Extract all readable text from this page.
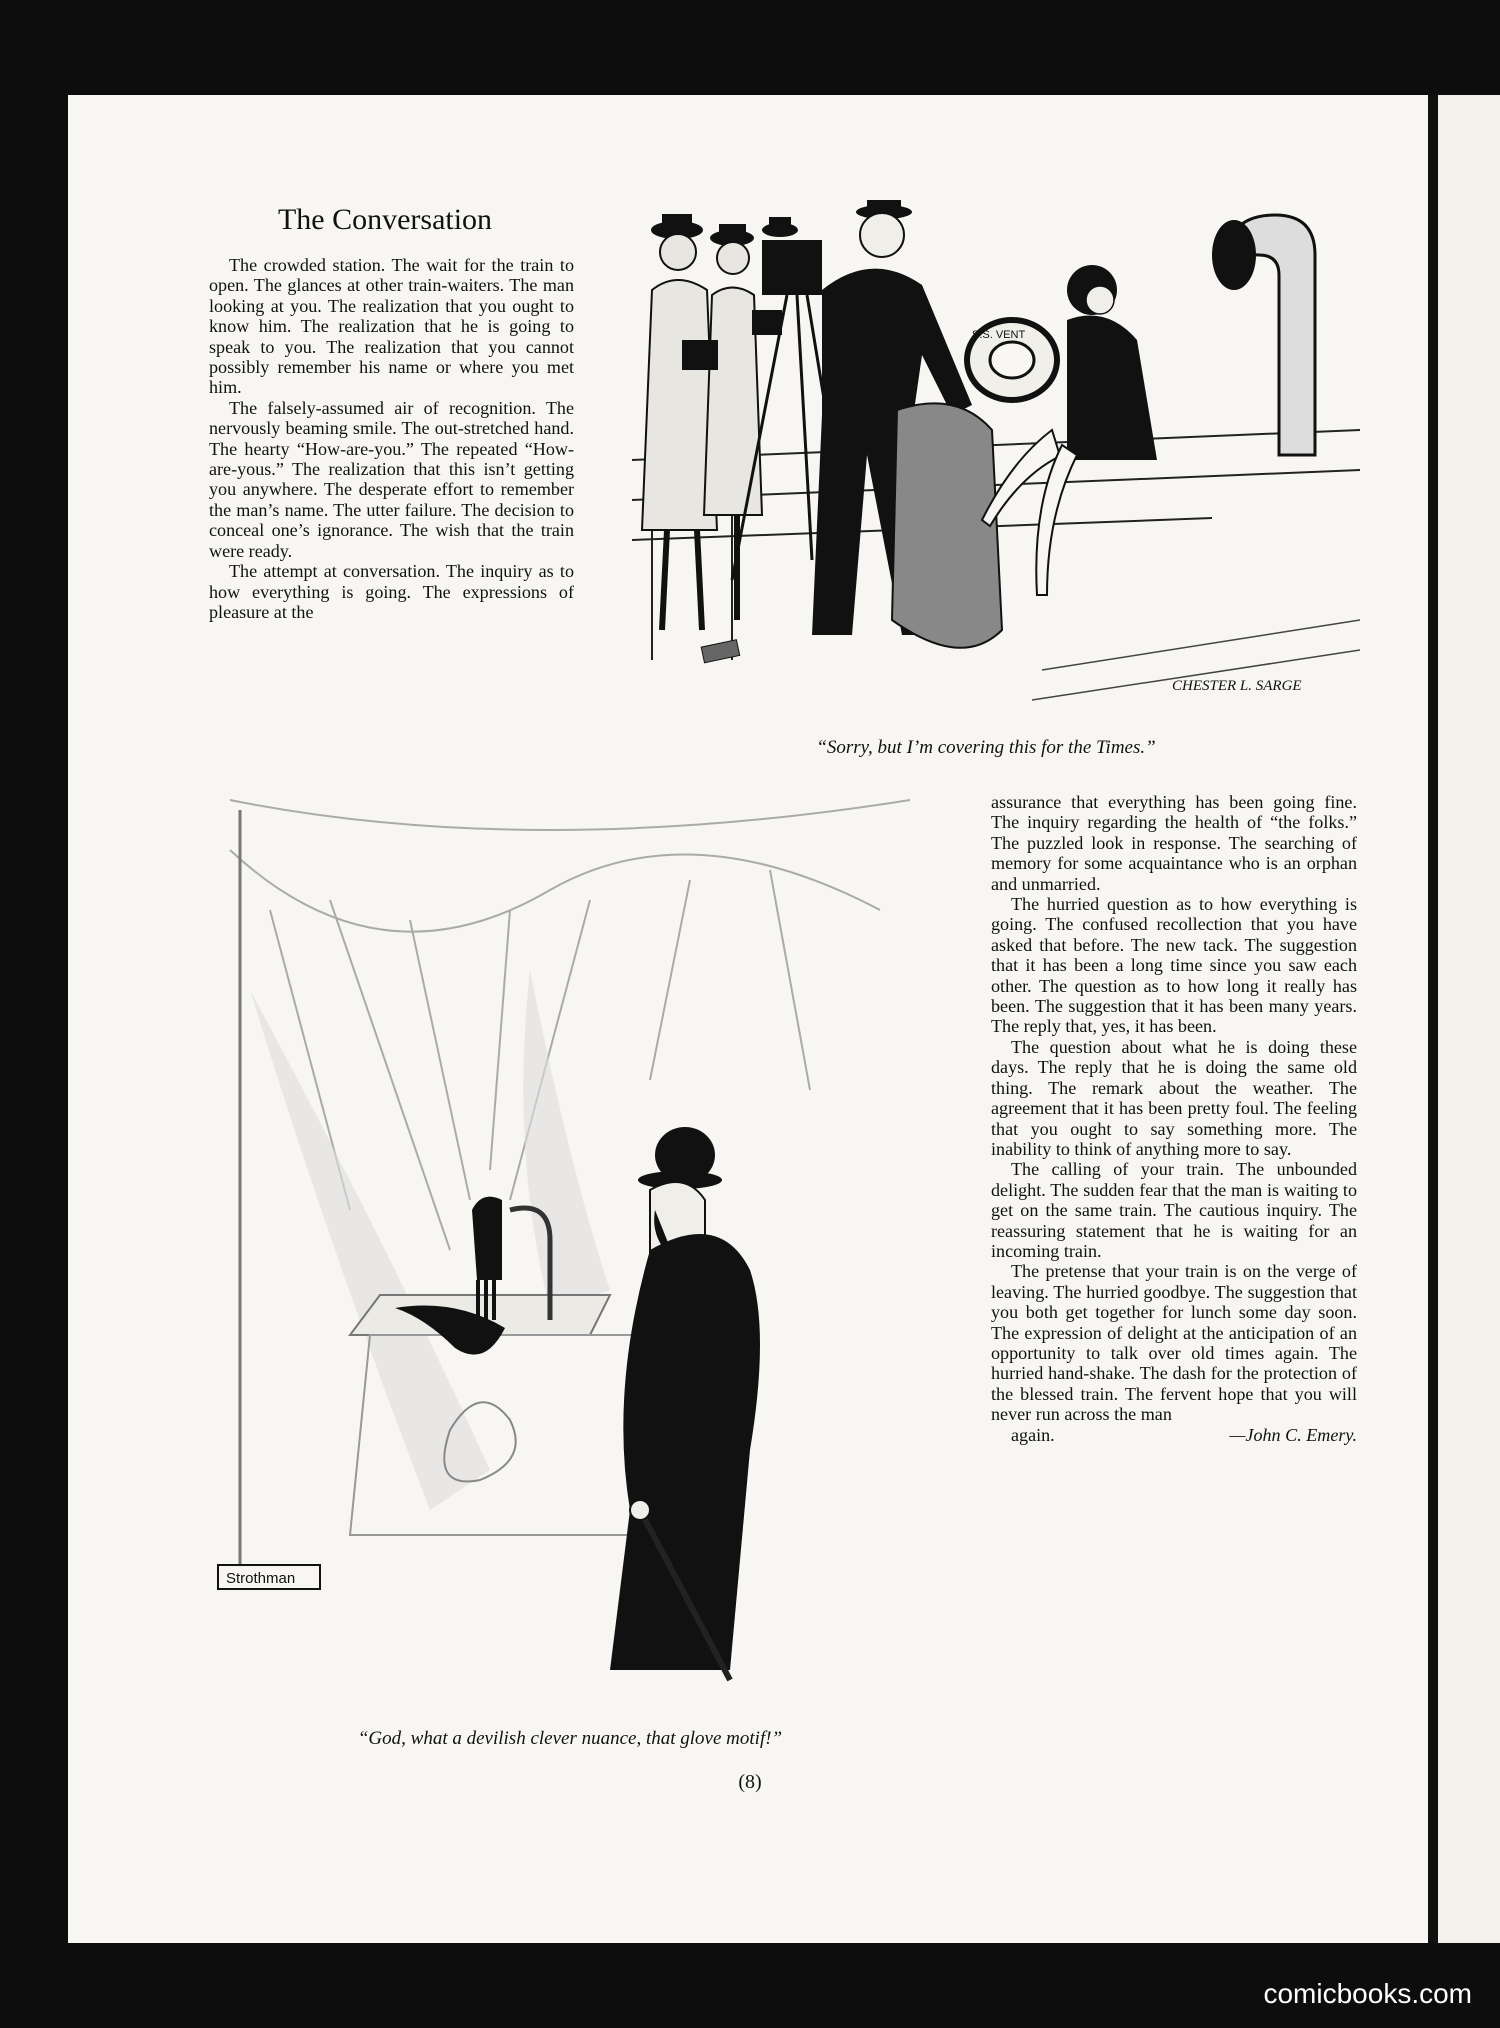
The Conversation

The crowded station. The wait for the train to open. The glances at other train-waiters. The man looking at you. The realization that you ought to know him. The realization that he is going to speak to you. The realization that you cannot possibly remember his name or where you met him.

The falsely-assumed air of recognition. The nervously beaming smile. The out-stretched hand. The hearty “How-are-you.” The repeated “How-are-yous.” The realization that this isn’t getting you anywhere. The desperate effort to remember the man’s name. The utter failure. The decision to conceal one’s ignorance. The wish that the train were ready.

The attempt at conversation. The inquiry as to how everything is going. The expressions of pleasure at the

S.S. VENT
CHESTER L. SARGE
“Sorry, but I’m covering this for the Times.”
Strothman
“God, what a devilish clever nuance, that glove motif!”

assurance that everything has been going fine. The inquiry regarding the health of “the folks.” The puzzled look in response. The searching of memory for some acquaintance who is an orphan and unmarried.

The hurried question as to how everything is going. The confused recollection that you have asked that before. The new tack. The suggestion that it has been a long time since you saw each other. The question as to how long it really has been. The suggestion that it has been many years. The reply that, yes, it has been.

The question about what he is doing these days. The reply that he is doing the same old thing. The remark about the weather. The agreement that it has been pretty foul. The feeling that you ought to say something more. The inability to think of anything more to say.

The calling of your train. The unbounded delight. The sudden fear that the man is waiting to get on the same train. The cautious inquiry. The reassuring statement that he is waiting for an incoming train.

The pretense that your train is on the verge of leaving. The hurried goodbye. The suggestion that you both get together for lunch some day soon. The expression of delight at the anticipation of an opportunity to talk over old times again. The hurried hand-shake. The dash for the protection of the blessed train. The fervent hope that you will never run across the man

again.	—John C. Emery.

(8)
comicbooks.com
